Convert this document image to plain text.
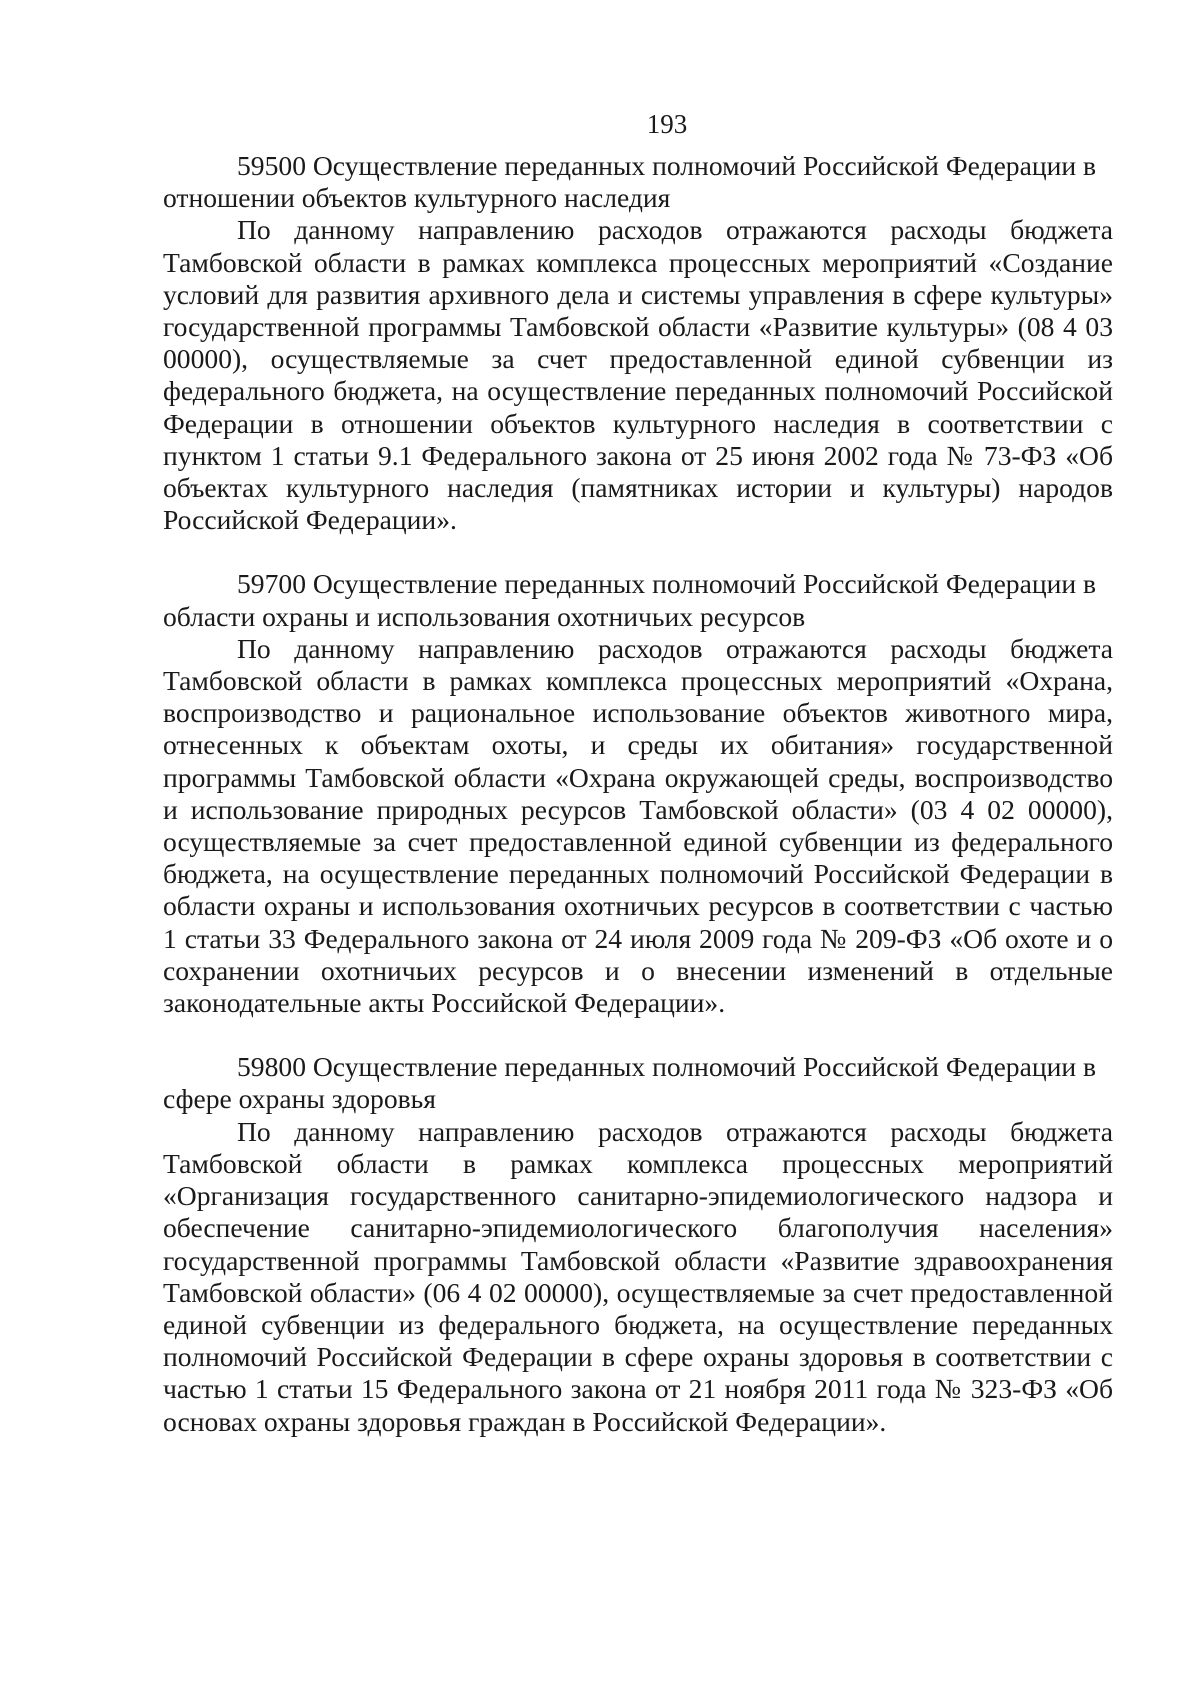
193

59500 Осуществление переданных полномочий Российской Федерации в отношении объектов культурного наследия

По данному направлению расходов отражаются расходы бюджета Тамбовской области в рамках комплекса процессных мероприятий «Создание условий для развития архивного дела и системы управления в сфере культуры» государственной программы Тамбовской области «Развитие культуры» (08 4 03 00000), осуществляемые за счет предоставленной единой субвенции из федерального бюджета, на осуществление переданных полномочий Российской Федерации в отношении объектов культурного наследия в соответствии с пунктом 1 статьи 9.1 Федерального закона от 25 июня 2002 года № 73-ФЗ «Об объектах культурного наследия (памятниках истории и культуры) народов Российской Федерации».

59700 Осуществление переданных полномочий Российской Федерации в области охраны и использования охотничьих ресурсов

По данному направлению расходов отражаются расходы бюджета Тамбовской области в рамках комплекса процессных мероприятий «Охрана, воспроизводство и рациональное использование объектов животного мира, отнесенных к объектам охоты, и среды их обитания» государственной программы Тамбовской области «Охрана окружающей среды, воспроизводство и использование природных ресурсов Тамбовской области» (03 4 02 00000), осуществляемые за счет предоставленной единой субвенции из федерального бюджета, на осуществление переданных полномочий Российской Федерации в области охраны и использования охотничьих ресурсов в соответствии с частью 1 статьи 33 Федерального закона от 24 июля 2009 года № 209-ФЗ «Об охоте и о сохранении охотничьих ресурсов и о внесении изменений в отдельные законодательные акты Российской Федерации».

59800 Осуществление переданных полномочий Российской Федерации в сфере охраны здоровья

По данному направлению расходов отражаются расходы бюджета Тамбовской области в рамках комплекса процессных мероприятий «Организация государственного санитарно-эпидемиологического надзора и обеспечение санитарно-эпидемиологического благополучия населения» государственной программы Тамбовской области «Развитие здравоохранения Тамбовской области» (06 4 02 00000), осуществляемые за счет предоставленной единой субвенции из федерального бюджета, на осуществление переданных полномочий Российской Федерации в сфере охраны здоровья в соответствии с частью 1 статьи 15 Федерального закона от 21 ноября 2011 года № 323-ФЗ «Об основах охраны здоровья граждан в Российской Федерации».
